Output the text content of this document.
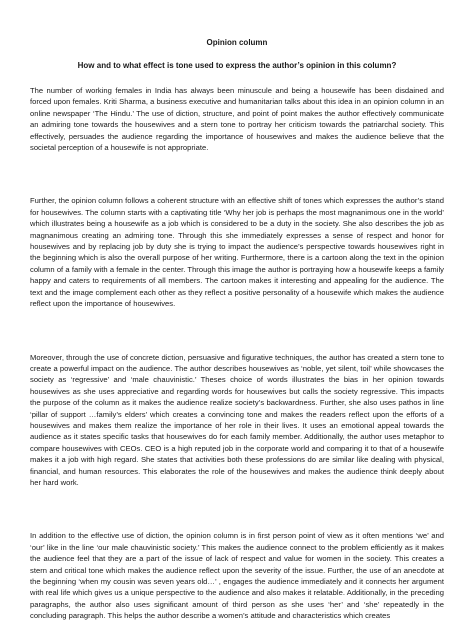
Opinion column
How and to what effect is tone used to express the author’s opinion in this column?

The number of working females in India has always been minuscule and being a housewife has been disdained and forced upon females. Kriti Sharma, a business executive and humanitarian talks about this idea in an opinion column in an online newspaper ‘The Hindu.’ The use of diction, structure, and point of point makes the author effectively communicate an admiring tone towards the housewives and a stern tone to portray her criticism towards the patriarchal society. This effectively, persuades the audience regarding the importance of housewives and makes the audience believe that the societal perception of a housewife is not appropriate.

Further, the opinion column follows a coherent structure with an effective shift of tones which expresses the author’s stand for housewives. The column starts with a captivating title ‘Why her job is perhaps the most magnanimous one in the world’ which illustrates being a housewife as a job which is considered to be a duty in the society. She also describes the job as magnanimous creating an admiring tone. Through this she immediately expresses a sense of respect and honor for housewives and by replacing job by duty she is trying to impact the audience’s perspective towards housewives right in the beginning which is also the overall purpose of her writing. Furthermore, there is a cartoon along the text in the opinion column of a family with a female in the center. Through this image the author is portraying how a housewife keeps a family happy and caters to requirements of all members. The cartoon makes it interesting and appealing for the audience. The text and the image complement each other as they reflect a positive personality of a housewife which makes the audience reflect upon the importance of housewives.

Moreover, through the use of concrete diction, persuasive and figurative techniques, the author has created a stern tone to create a powerful impact on the audience. The author describes housewives as ‘noble, yet silent, toil’ while showcases the society as ‘regressive’ and ‘male chauvinistic.’ Theses choice of words illustrates the bias in her opinion towards housewives as she uses appreciative and regarding words for housewives but calls the society regressive. This impacts the purpose of the column as it makes the audience realize society’s backwardness. Further, she also uses pathos in line ‘pillar of support …family’s elders’ which creates a convincing tone and makes the readers reflect upon the efforts of a housewives and makes them realize the importance of her role in their lives. It uses an emotional appeal towards the audience as it states specific tasks that housewives do for each family member. Additionally, the author uses metaphor to compare housewives with CEOs. CEO is a high reputed job in the corporate world and comparing it to that of a housewife makes it a job with high regard. She states that activities both these professions do are similar like dealing with physical, financial, and human resources. This elaborates the role of the housewives and makes the audience think deeply about her hard work.

In addition to the effective use of diction, the opinion column is in first person point of view as it often mentions ‘we’ and ‘our’ like in the line ‘our male chauvinistic society.’ This makes the audience connect to the problem efficiently as it makes the audience feel that they are a part of the issue of lack of respect and value for women in the society. This creates a stern and critical tone which makes the audience reflect upon the severity of the issue. Further, the use of an anecdote at the beginning ‘when my cousin was seven years old…’ , engages the audience immediately and it connects her argument with real life which gives us a unique perspective to the audience and also makes it relatable. Additionally, in the preceding paragraphs, the author also uses significant amount of third person as she uses ‘her’ and ‘she’ repeatedly in the concluding paragraph. This helps the author describe a women’s attitude and characteristics which creates
